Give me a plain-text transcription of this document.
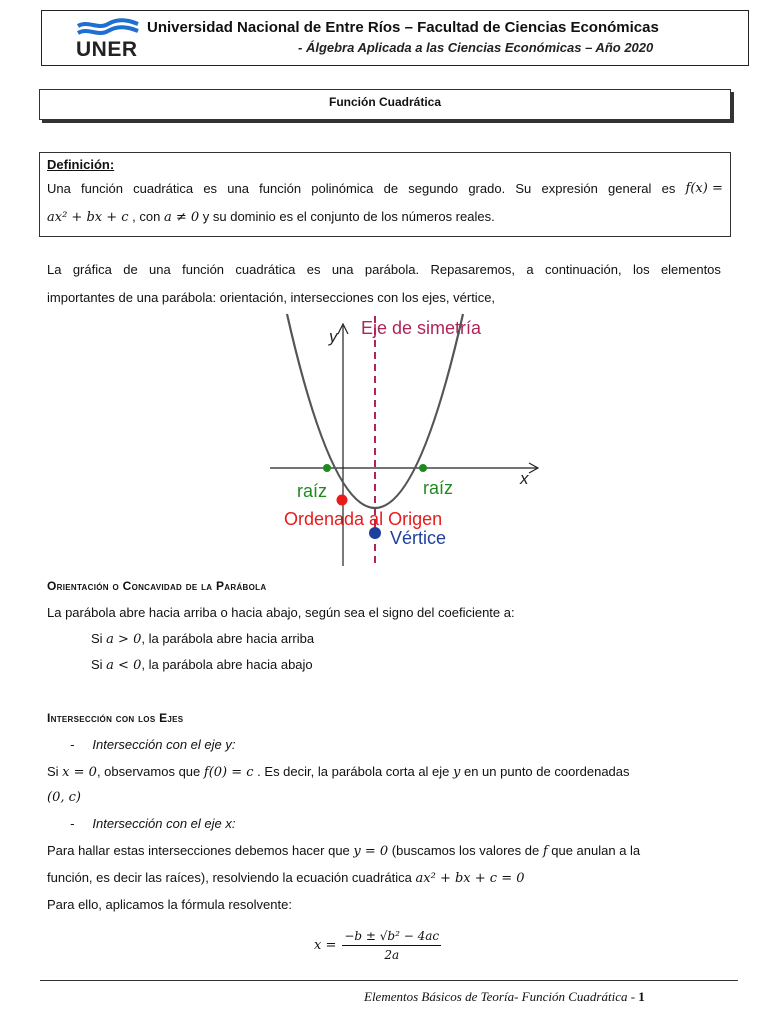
UNER
Universidad Nacional de Entre Ríos – Facultad de Ciencias Económicas
- Álgebra Aplicada a las Ciencias Económicas – Año 2020
Función Cuadrática
Definición:
Una función cuadrática es una función polinómica de segundo grado. Su expresión general es f(x) =
ax² + bx + c , con a ≠ 0 y su dominio es el conjunto de los números reales.
La gráfica de una función cuadrática es una parábola. Repasaremos, a continuación, los elementos
importantes de una parábola: orientación, intersecciones con los ejes, vértice,
y
x
Eje de simetría
raíz	raíz
Ordenada al Origen
Vértice
Orientación o Concavidad de la Parábola
La parábola abre hacia arriba o hacia abajo, según sea el signo del coeficiente a:
Si a > 0, la parábola abre hacia arriba
Si a < 0, la parábola abre hacia abajo
Intersección con los Ejes
-     Intersección con el eje y:
Si x = 0, observamos que f(0) = c . Es decir, la parábola corta al eje y en un punto de coordenadas
(0, c)
-     Intersección con el eje x:
Para hallar estas intersecciones debemos hacer que y = 0 (buscamos los valores de f que anulan a la
función, es decir las raíces), resolviendo la ecuación cuadrática ax² + bx + c = 0
Para ello, aplicamos la fórmula resolvente:
$x = \frac{\text{−b ± √b² − 4ac}}{2a}$
Elementos Básicos de Teoría- Función Cuadrática - 1
